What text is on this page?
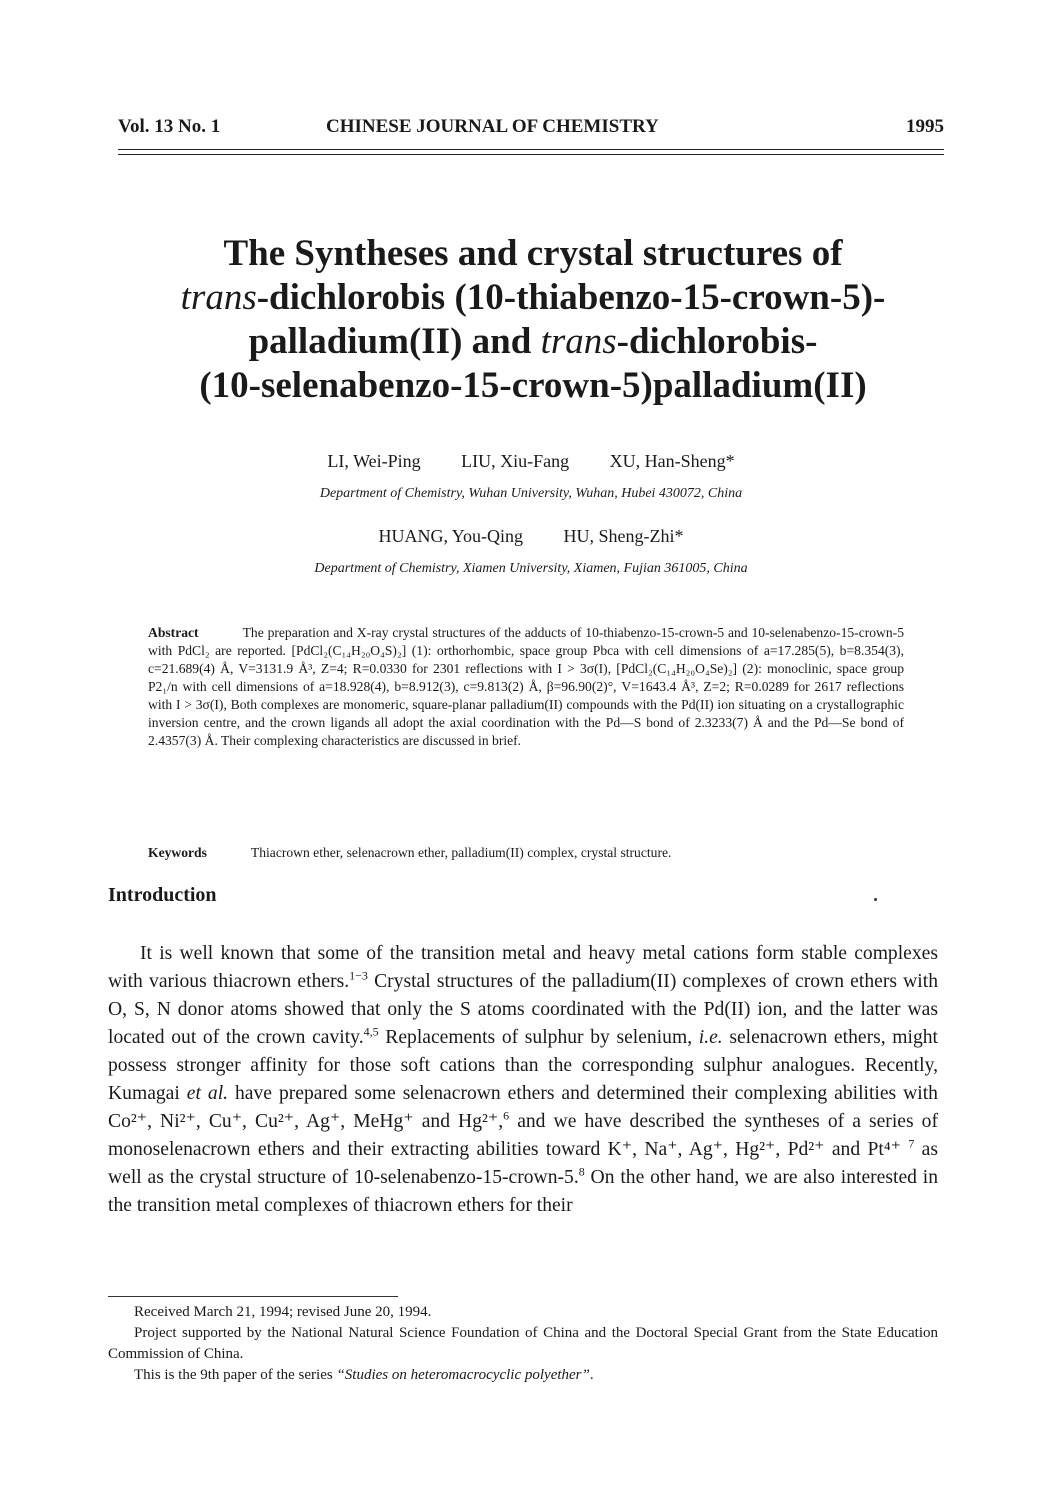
Vol. 13 No. 1	CHINESE JOURNAL OF CHEMISTRY	1995
The Syntheses and crystal structures of
trans-dichlorobis (10-thiabenzo-15-crown-5)-
palladium(II) and trans-dichlorobis-
(10-selenabenzo-15-crown-5)palladium(II)
LI, Wei-Ping LIU, Xiu-Fang XU, Han-Sheng*
Department of Chemistry, Wuhan University, Wuhan, Hubei 430072, China
HUANG, You-Qing HU, Sheng-Zhi*
Department of Chemistry, Xiamen University, Xiamen, Fujian 361005, China
Abstract	The preparation and X-ray crystal structures of the adducts of 10-thiabenzo-15-crown-5 and 10-selenabenzo-15-crown-5 with PdCl₂ are reported. [PdCl₂(C₁₄H₂₀O₄S)₂] (1): orthorhombic, space group Pbca with cell dimensions of a=17.285(5), b=8.354(3), c=21.689(4) Å, V=3131.9 Å³, Z=4; R=0.0330 for 2301 reflections with I > 3σ(I), [PdCl₂(C₁₄H₂₀O₄Se)₂] (2): monoclinic, space group P2₁/n with cell dimensions of a=18.928(4), b=8.912(3), c=9.813(2) Å, β=96.90(2)°, V=1643.4 Å³, Z=2; R=0.0289 for 2617 reflections with I > 3σ(I), Both complexes are monomeric, square-planar palladium(II) compounds with the Pd(II) ion situating on a crystallographic inversion centre, and the crown ligands all adopt the axial coordination with the Pd—S bond of 2.3233(7) Å and the Pd—Se bond of 2.4357(3) Å. Their complexing characteristics are discussed in brief.
Keywords	Thiacrown ether, selenacrown ether, palladium(II) complex, crystal structure.
Introduction
It is well known that some of the transition metal and heavy metal cations form stable complexes with various thiacrown ethers.$^{1-3}$ Crystal structures of the palladium(II) complexes of crown ethers with O, S, N donor atoms showed that only the S atoms coordinated with the Pd(II) ion, and the latter was located out of the crown cavity.$^{4,5}$ Replacements of sulphur by selenium, i.e. selenacrown ethers, might possess stronger affinity for those soft cations than the corresponding sulphur analogues. Recently, Kumagai et al. have prepared some selenacrown ethers and determined their complexing abilities with Co²⁺, Ni²⁺, Cu⁺, Cu²⁺, Ag⁺, MeHg⁺ and Hg²⁺,$^6$ and we have described the syntheses of a series of monoselenacrown ethers and their extracting abilities toward K⁺, Na⁺, Ag⁺, Hg²⁺, Pd²⁺ and Pt⁴⁺ $^7$ as well as the crystal structure of 10-selenabenzo-15-crown-5.$^8$ On the other hand, we are also interested in the transition metal complexes of thiacrown ethers for their

Received March 21, 1994; revised June 20, 1994.

Project supported by the National Natural Science Foundation of China and the Doctoral Special Grant from the State Education Commission of China.

This is the 9th paper of the series “Studies on heteromacrocyclic polyether”.
